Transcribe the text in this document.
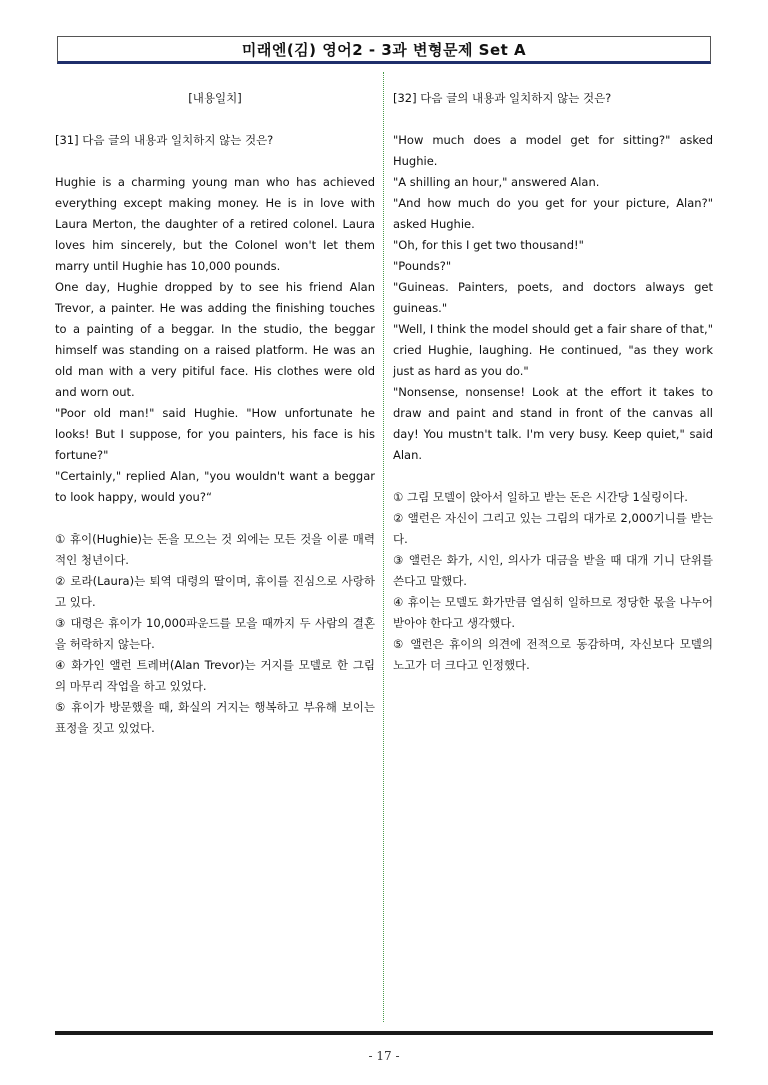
미래엔(김) 영어2 - 3과 변형문제 Set A

[내용일치]

[31] 다음 글의 내용과 일치하지 않는 것은?

Hughie is a charming young man who has achieved everything except making money. He is in love with Laura Merton, the daughter of a retired colonel. Laura loves him sincerely, but the Colonel won't let them marry until Hughie has 10,000 pounds.

One day, Hughie dropped by to see his friend Alan Trevor, a painter. He was adding the finishing touches to a painting of a beggar. In the studio, the beggar himself was standing on a raised platform. He was an old man with a very pitiful face. His clothes were old and worn out.

"Poor old man!" said Hughie. "How unfortunate he looks! But I suppose, for you painters, his face is his fortune?"

"Certainly," replied Alan, "you wouldn't want a beggar to look happy, would you?“

① 휴이(Hughie)는 돈을 모으는 것 외에는 모든 것을 이룬 매력적인 청년이다.

② 로라(Laura)는 퇴역 대령의 딸이며, 휴이를 진심으로 사랑하고 있다.

③ 대령은 휴이가 10,000파운드를 모을 때까지 두 사람의 결혼을 허락하지 않는다.

④ 화가인 앨런 트레버(Alan Trevor)는 거지를 모델로 한 그림의 마무리 작업을 하고 있었다.

⑤ 휴이가 방문했을 때, 화실의 거지는 행복하고 부유해 보이는 표정을 짓고 있었다.

[32] 다음 글의 내용과 일치하지 않는 것은?

"How much does a model get for sitting?" asked Hughie.

"A shilling an hour," answered Alan.

"And how much do you get for your picture, Alan?" asked Hughie.

"Oh, for this I get two thousand!"

"Pounds?"

"Guineas. Painters, poets, and doctors always get guineas."

"Well, I think the model should get a fair share of that," cried Hughie, laughing. He continued, "as they work just as hard as you do."

"Nonsense, nonsense! Look at the effort it takes to draw and paint and stand in front of the canvas all day! You mustn't talk. I'm very busy. Keep quiet," said Alan.

① 그림 모델이 앉아서 일하고 받는 돈은 시간당 1실링이다.

② 앨런은 자신이 그리고 있는 그림의 대가로 2,000기니를 받는다.

③ 앨런은 화가, 시인, 의사가 대금을 받을 때 대개 기니 단위를 쓴다고 말했다.

④ 휴이는 모델도 화가만큼 열심히 일하므로 정당한 몫을 나누어 받아야 한다고 생각했다.

⑤ 앨런은 휴이의 의견에 전적으로 동감하며, 자신보다 모델의 노고가 더 크다고 인정했다.

- 17 -
